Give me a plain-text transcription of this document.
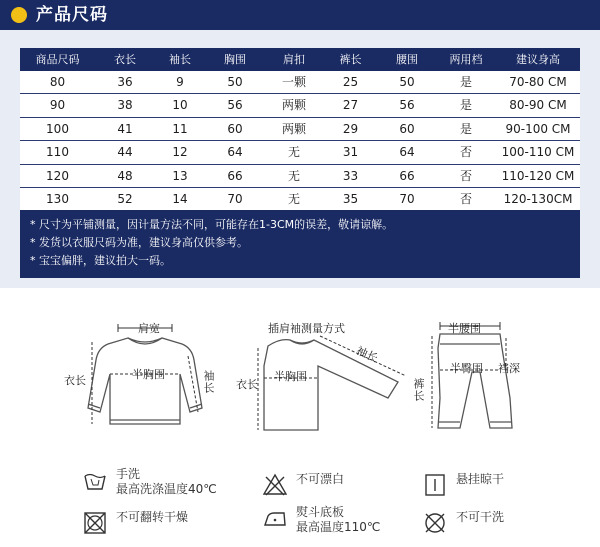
产品尺码
商品尺码	衣长	袖长	胸围	肩扣	裤长	腰围	两用档	建议身高
80	36	9	50	一颗	25	50	是	70-80 CM
90	38	10	56	两颗	27	56	是	80-90 CM
100	41	11	60	两颗	29	60	是	90-100 CM
110	44	12	64	无	31	64	否	100-110 CM
120	48	13	66	无	33	66	否	110-120 CM
130	52	14	70	无	35	70	否	120-130CM
* 尺寸为平铺测量，因计量方法不同，可能存在1-3CM的误差，敬请谅解。
* 发货以衣服尺码为准，建议身高仅供参考。
* 宝宝偏胖，建议拍大一码。
肩宽
衣长	半胸围	袖长
插肩袖测量方式
袖长
衣长
半胸围
半腰围
裆深
裤长
半臀围
手洗
最高洗涤温度40℃
不可漂白	悬挂晾干
不可翻转干燥	熨斗底板
最高温度110℃
不可干洗
